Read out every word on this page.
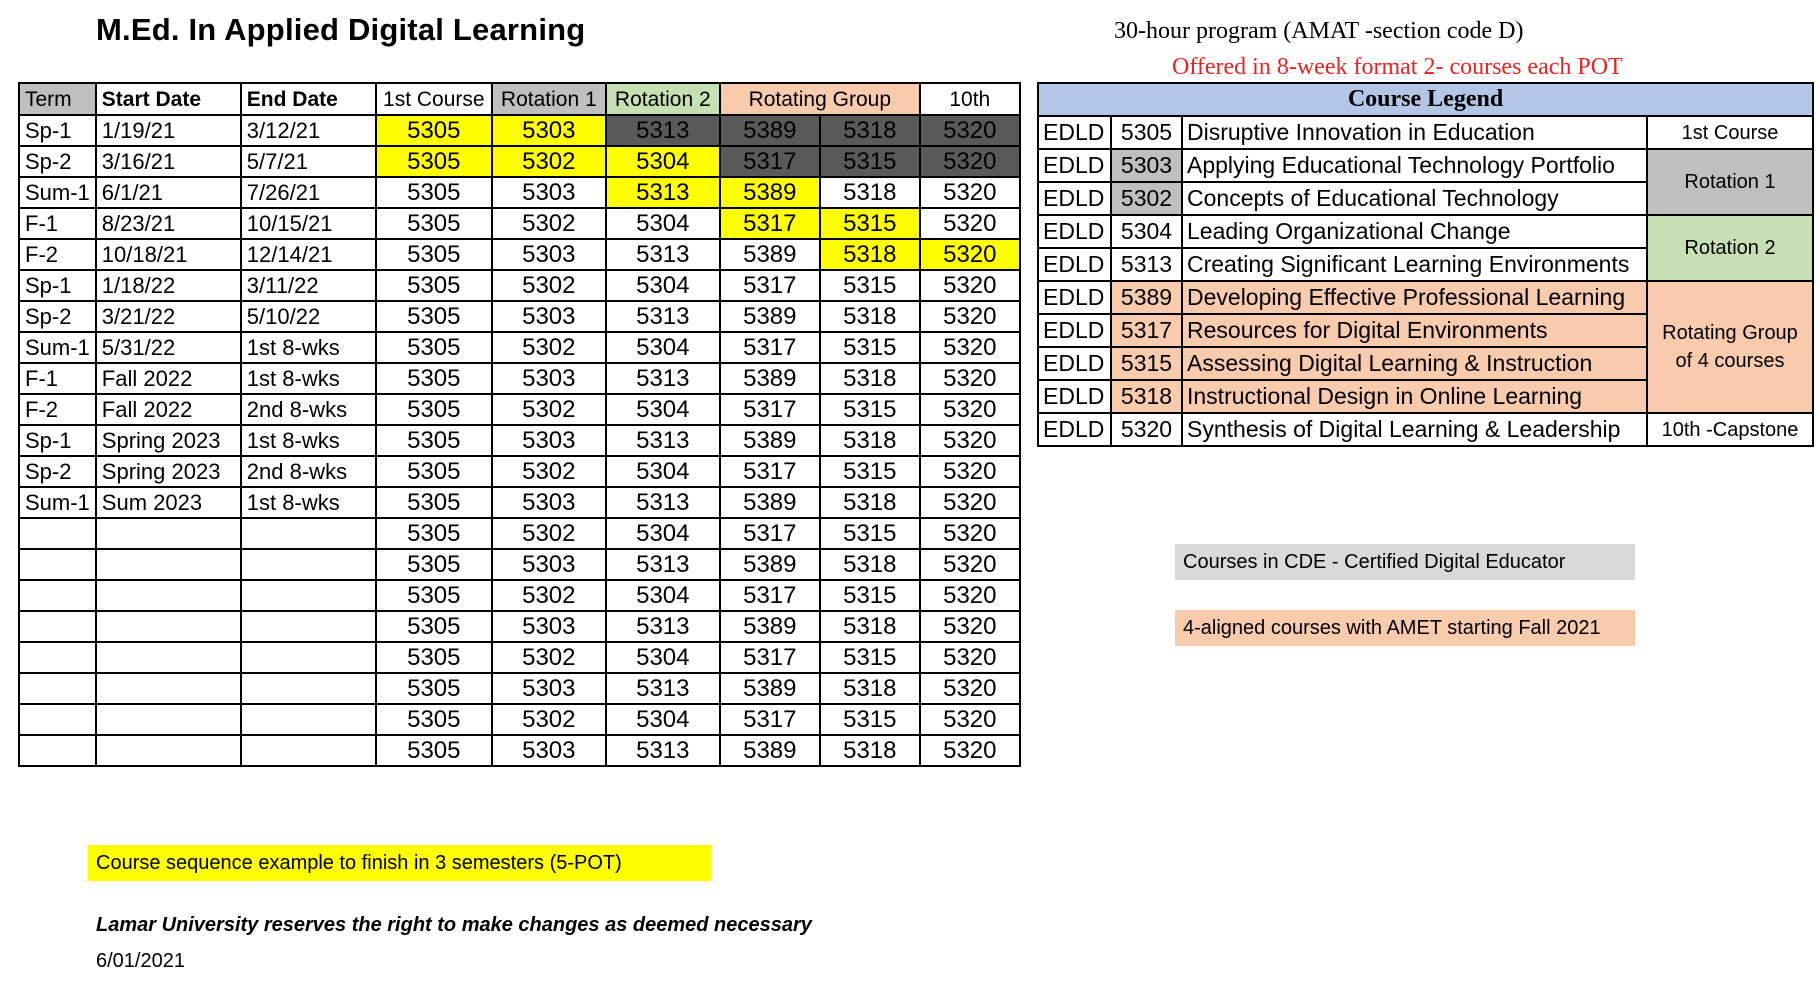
M.Ed. In Applied Digital Learning	30-hour program (AMAT -section code D)
Offered in 8-week format 2- courses each POT
Term	Start Date	End Date	1st Course	Rotation 1	Rotation 2	Rotating Group		10th
Sp-1	1/19/21	3/12/21	5305	5303	5313	5389	5318	5320
Sp-2	3/16/21	5/7/21	5305	5302	5304	5317	5315	5320
Sum-1	6/1/21	7/26/21	5305	5303	5313	5389	5318	5320
F-1	8/23/21	10/15/21	5305	5302	5304	5317	5315	5320
F-2	10/18/21	12/14/21	5305	5303	5313	5389	5318	5320
Sp-1	1/18/22	3/11/22	5305	5302	5304	5317	5315	5320
Sp-2	3/21/22	5/10/22	5305	5303	5313	5389	5318	5320
Sum-1	5/31/22	1st 8-wks	5305	5302	5304	5317	5315	5320
F-1	Fall 2022	1st 8-wks	5305	5303	5313	5389	5318	5320
F-2	Fall 2022	2nd 8-wks	5305	5302	5304	5317	5315	5320
Sp-1	Spring 2023	1st 8-wks	5305	5303	5313	5389	5318	5320
Sp-2	Spring 2023	2nd 8-wks	5305	5302	5304	5317	5315	5320
Sum-1	Sum 2023	1st 8-wks	5305	5303	5313	5389	5318	5320
			5305	5302	5304	5317	5315	5320
			5305	5303	5313	5389	5318	5320
			5305	5302	5304	5317	5315	5320
			5305	5303	5313	5389	5318	5320
			5305	5302	5304	5317	5315	5320
			5305	5303	5313	5389	5318	5320
			5305	5302	5304	5317	5315	5320
			5305	5303	5313	5389	5318	5320
Course Legend			
EDLD	5305	Disruptive Innovation in Education	1st Course
EDLD	5303	Applying Educational Technology Portfolio	Rotation 1
EDLD	5302	Concepts of Educational Technology	
EDLD	5304	Leading Organizational Change	Rotation 2
EDLD	5313	Creating Significant Learning Environments	
EDLD	5389	Developing Effective Professional Learning	Rotating Group
of 4 courses
EDLD	5317	Resources for Digital Environments	
EDLD	5315	Assessing Digital Learning & Instruction	
EDLD	5318	Instructional Design in Online Learning	
EDLD	5320	Synthesis of Digital Learning & Leadership	10th -Capstone
Courses in CDE - Certified Digital Educator
4-aligned courses with AMET starting Fall 2021
Course sequence example to finish in 3 semesters (5-POT)
Lamar University reserves the right to make changes as deemed necessary
6/01/2021
